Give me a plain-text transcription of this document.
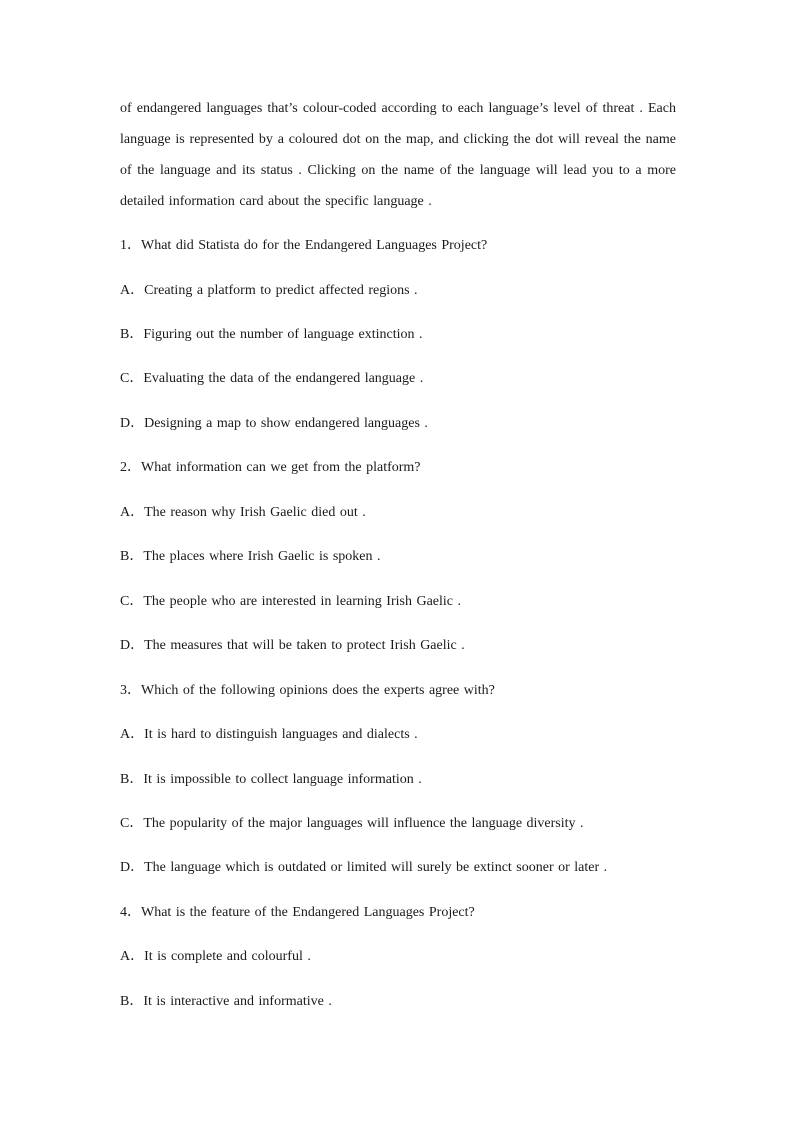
of endangered languages that’s colour-coded according to each language’s level of threat . Each language is represented by a coloured dot on the map, and clicking the dot will reveal the name of the language and its status . Clicking on the name of the language will lead you to a more detailed information card about the specific language .

1．What did Statista do for the Endangered Languages Project?
A．Creating a platform to predict affected regions .
B．Figuring out the number of language extinction .
C．Evaluating the data of the endangered language .
D．Designing a map to show endangered languages .
2．What information can we get from the platform?
A．The reason why Irish Gaelic died out .
B．The places where Irish Gaelic is spoken .
C．The people who are interested in learning Irish Gaelic .
D．The measures that will be taken to protect Irish Gaelic .
3．Which of the following opinions does the experts agree with?
A．It is hard to distinguish languages and dialects .
B．It is impossible to collect language information .
C．The popularity of the major languages will influence the language diversity .
D．The language which is outdated or limited will surely be extinct sooner or later .
4．What is the feature of the Endangered Languages Project?
A．It is complete and colourful .
B．It is interactive and informative .
